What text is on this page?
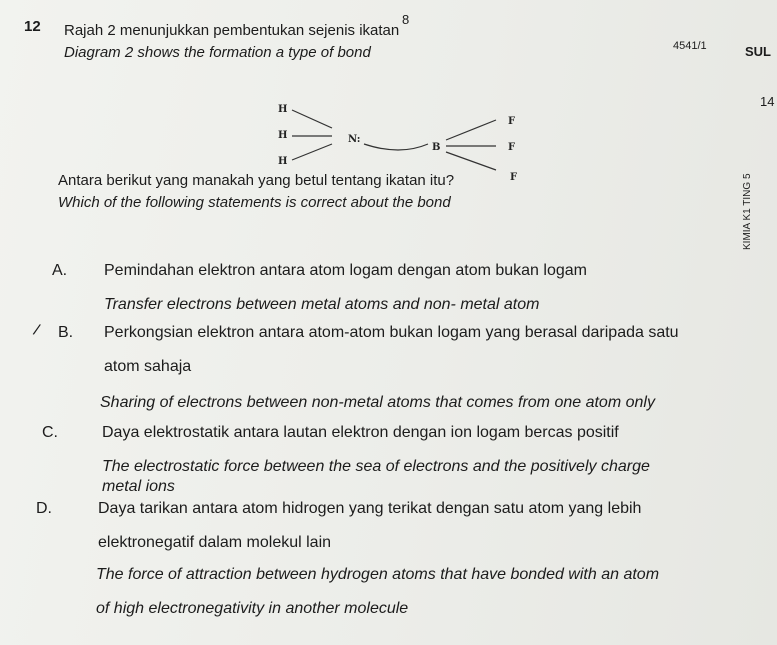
8
4541/1	SUL
14
KIMIA K1 TING 5
12 Rajah 2 menunjukkan pembentukan sejenis ikatan
Diagram 2 shows the formation a type of bond
H
H
H
N:
B
F
F
F
Antara berikut yang manakah yang betul tentang ikatan itu?
Which of the following statements is correct about the bond
A. Pemindahan elektron antara atom logam dengan atom bukan logam
Transfer electrons between metal atoms and non- metal atom
/ B. Perkongsian elektron antara atom-atom bukan logam yang berasal daripada satu
atom sahaja
Sharing of electrons between non-metal atoms that comes from one atom only
C.	Daya elektrostatik antara lautan elektron dengan ion logam bercas positif
The electrostatic force between the sea of electrons and the positively charge
metal ions
D.	Daya tarikan antara atom hidrogen yang terikat dengan satu atom yang lebih
elektronegatif dalam molekul lain
The force of attraction between hydrogen atoms that have bonded with an atom
of high electronegativity in another molecule
